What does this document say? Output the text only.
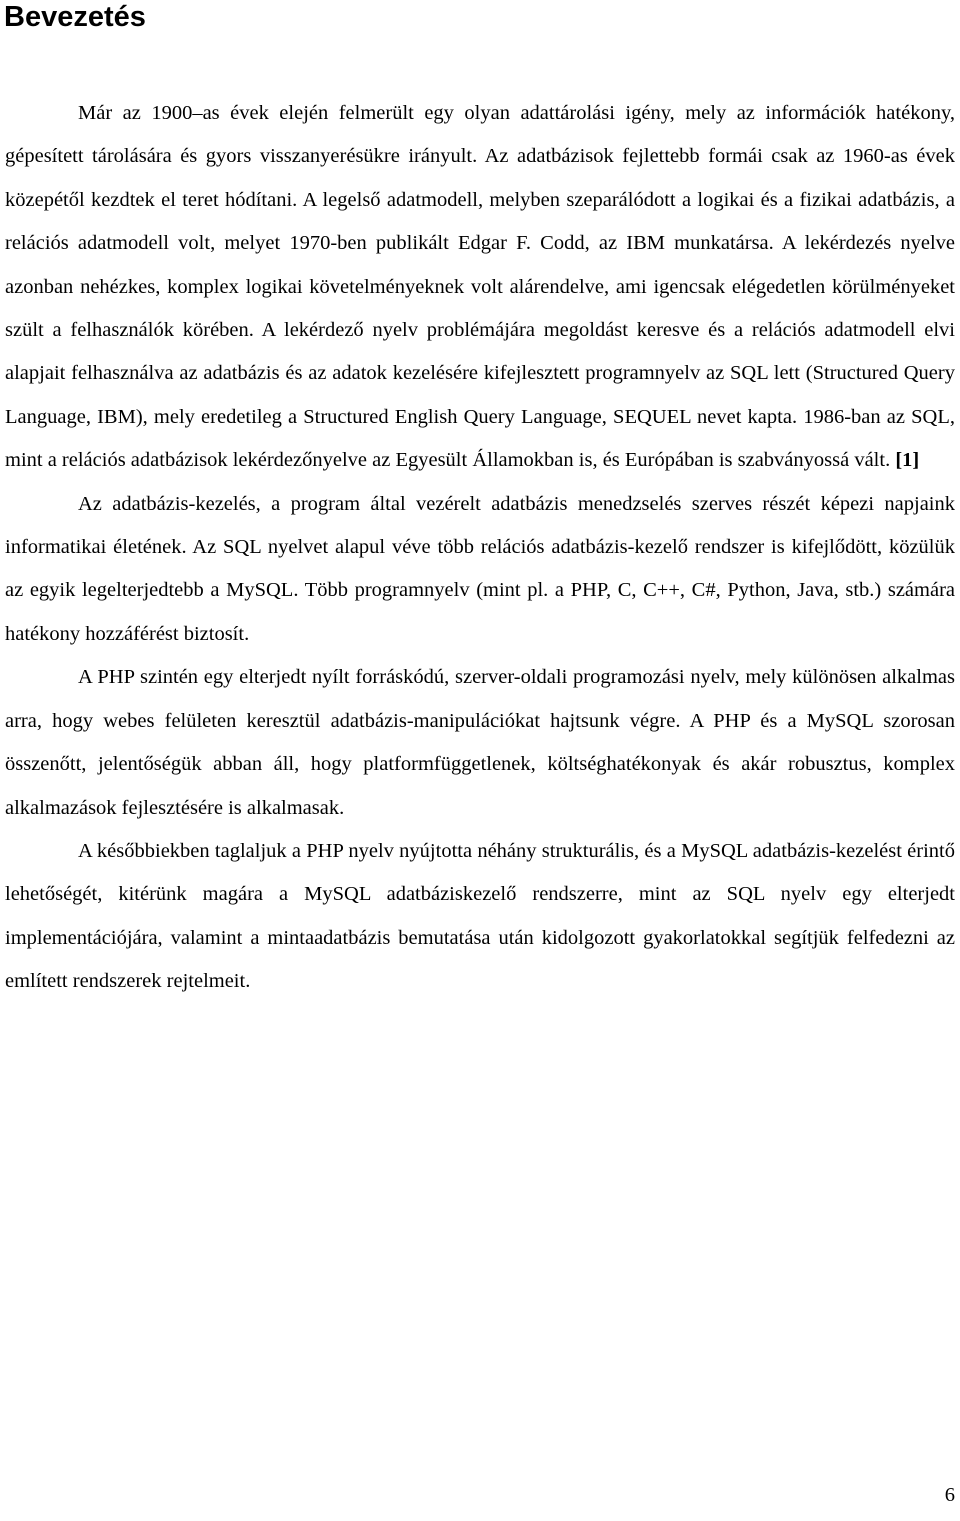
Bevezetés

Már az 1900–as évek elején felmerült egy olyan adattárolási igény, mely az információk hatékony, gépesített tárolására és gyors visszanyerésükre irányult. Az adatbázisok fejlettebb formái csak az 1960-as évek közepétől kezdtek el teret hódítani. A legelső adatmodell, melyben szeparálódott a logikai és a fizikai adatbázis, a relációs adatmodell volt, melyet 1970-ben publikált Edgar F. Codd, az IBM munkatársa. A lekérdezés nyelve azonban nehézkes, komplex logikai követelményeknek volt alárendelve, ami igencsak elégedetlen körülményeket szült a felhasználók körében. A lekérdező nyelv problémájára megoldást keresve és a relációs adatmodell elvi alapjait felhasználva az adatbázis és az adatok kezelésére kifejlesztett programnyelv az SQL lett (Structured Query Language, IBM), mely eredetileg a Structured English Query Language, SEQUEL nevet kapta. 1986-ban az SQL, mint a relációs adatbázisok lekérdezőnyelve az Egyesült Államokban is, és Európában is szabványossá vált. [1]

Az adatbázis-kezelés, a program által vezérelt adatbázis menedzselés szerves részét képezi napjaink informatikai életének. Az SQL nyelvet alapul véve több relációs adatbázis-kezelő rendszer is kifejlődött, közülük az egyik legelterjedtebb a MySQL. Több programnyelv (mint pl. a PHP, C, C++, C#, Python, Java, stb.) számára hatékony hozzáférést biztosít.

A PHP szintén egy elterjedt nyílt forráskódú, szerver-oldali programozási nyelv, mely különösen alkalmas arra, hogy webes felületen keresztül adatbázis-manipulációkat hajtsunk végre. A PHP és a MySQL szorosan összenőtt, jelentőségük abban áll, hogy platformfüggetlenek, költséghatékonyak és akár robusztus, komplex alkalmazások fejlesztésére is alkalmasak.

A későbbiekben taglaljuk a PHP nyelv nyújtotta néhány strukturális, és a MySQL adatbázis-kezelést érintő lehetőségét, kitérünk magára a MySQL adatbáziskezelő rendszerre, mint az SQL nyelv egy elterjedt implementációjára, valamint a mintaadatbázis bemutatása után kidolgozott gyakorlatokkal segítjük felfedezni az említett rendszerek rejtelmeit.

6
